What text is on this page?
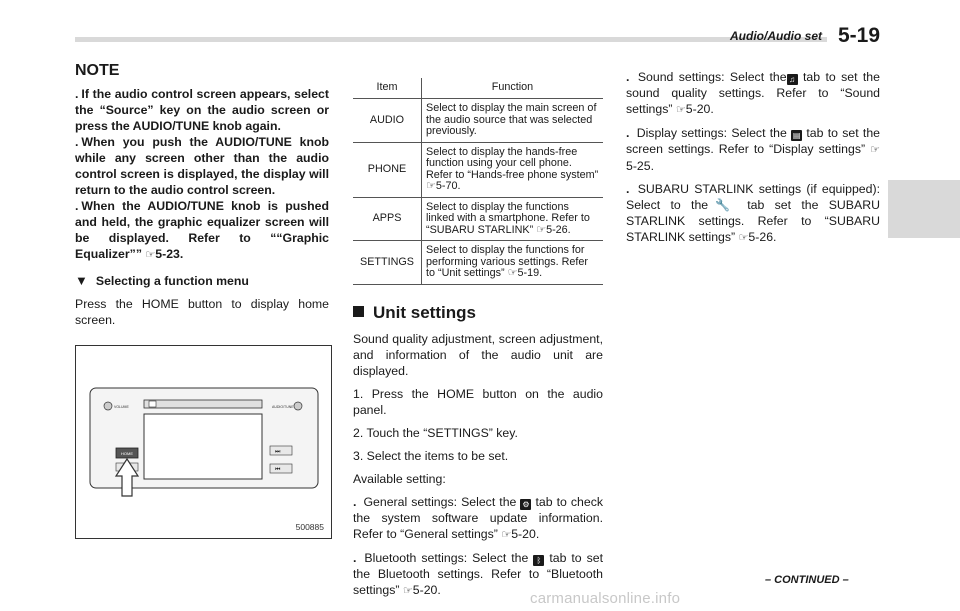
Audio/Audio set 5-19
NOTE
. If the audio control screen appears, select the “Source” key on the audio screen or press the AUDIO/TUNE knob again.
. When you push the AUDIO/TUNE knob while any screen other than the audio control screen is displayed, the display will return to the audio control screen.
. When the AUDIO/TUNE knob is pushed and held, the graphic equalizer screen will be displayed. Refer to ““Graphic Equalizer”” ☞5-23.
▼ Selecting a function menu
Press the HOME button to display home screen.
VOLUME	AUDIO/TUNE
HOME	⏭
⏮
500885
Item	Function
AUDIO	Select to display the main screen of the audio source that was selected previously.
PHONE	Select to display the hands-free function using your cell phone. Refer to “Hands-free phone system” ☞5-70.
APPS	Select to display the functions linked with a smartphone. Refer to “SUBARU STARLINK” ☞5-26.
SETTINGS	Select to display the functions for performing various settings. Refer to “Unit settings” ☞5-19.
Unit settings
Sound quality adjustment, screen adjustment, and information of the audio unit are displayed.
1. Press the HOME button on the audio panel.
2. Touch the “SETTINGS” key.
3. Select the items to be set.
Available setting:
. General settings: Select the ⚙ tab to check the system software update information. Refer to “General settings” ☞5-20.
. Bluetooth settings: Select the ᛒ tab to set the Bluetooth settings. Refer to “Bluetooth settings” ☞5-20.
. Sound settings: Select the ♫ tab to set the sound quality settings. Refer to “Sound settings” ☞5-20.
. Display settings: Select the ▤ tab to set the screen settings. Refer to “Display settings” ☞5-25.
. SUBARU STARLINK settings (if equipped): Select to the🔧 tab set the SUBARU STARLINK settings. Refer to “SUBARU STARLINK settings” ☞5-26.
– CONTINUED –
carmanualsonline.info
